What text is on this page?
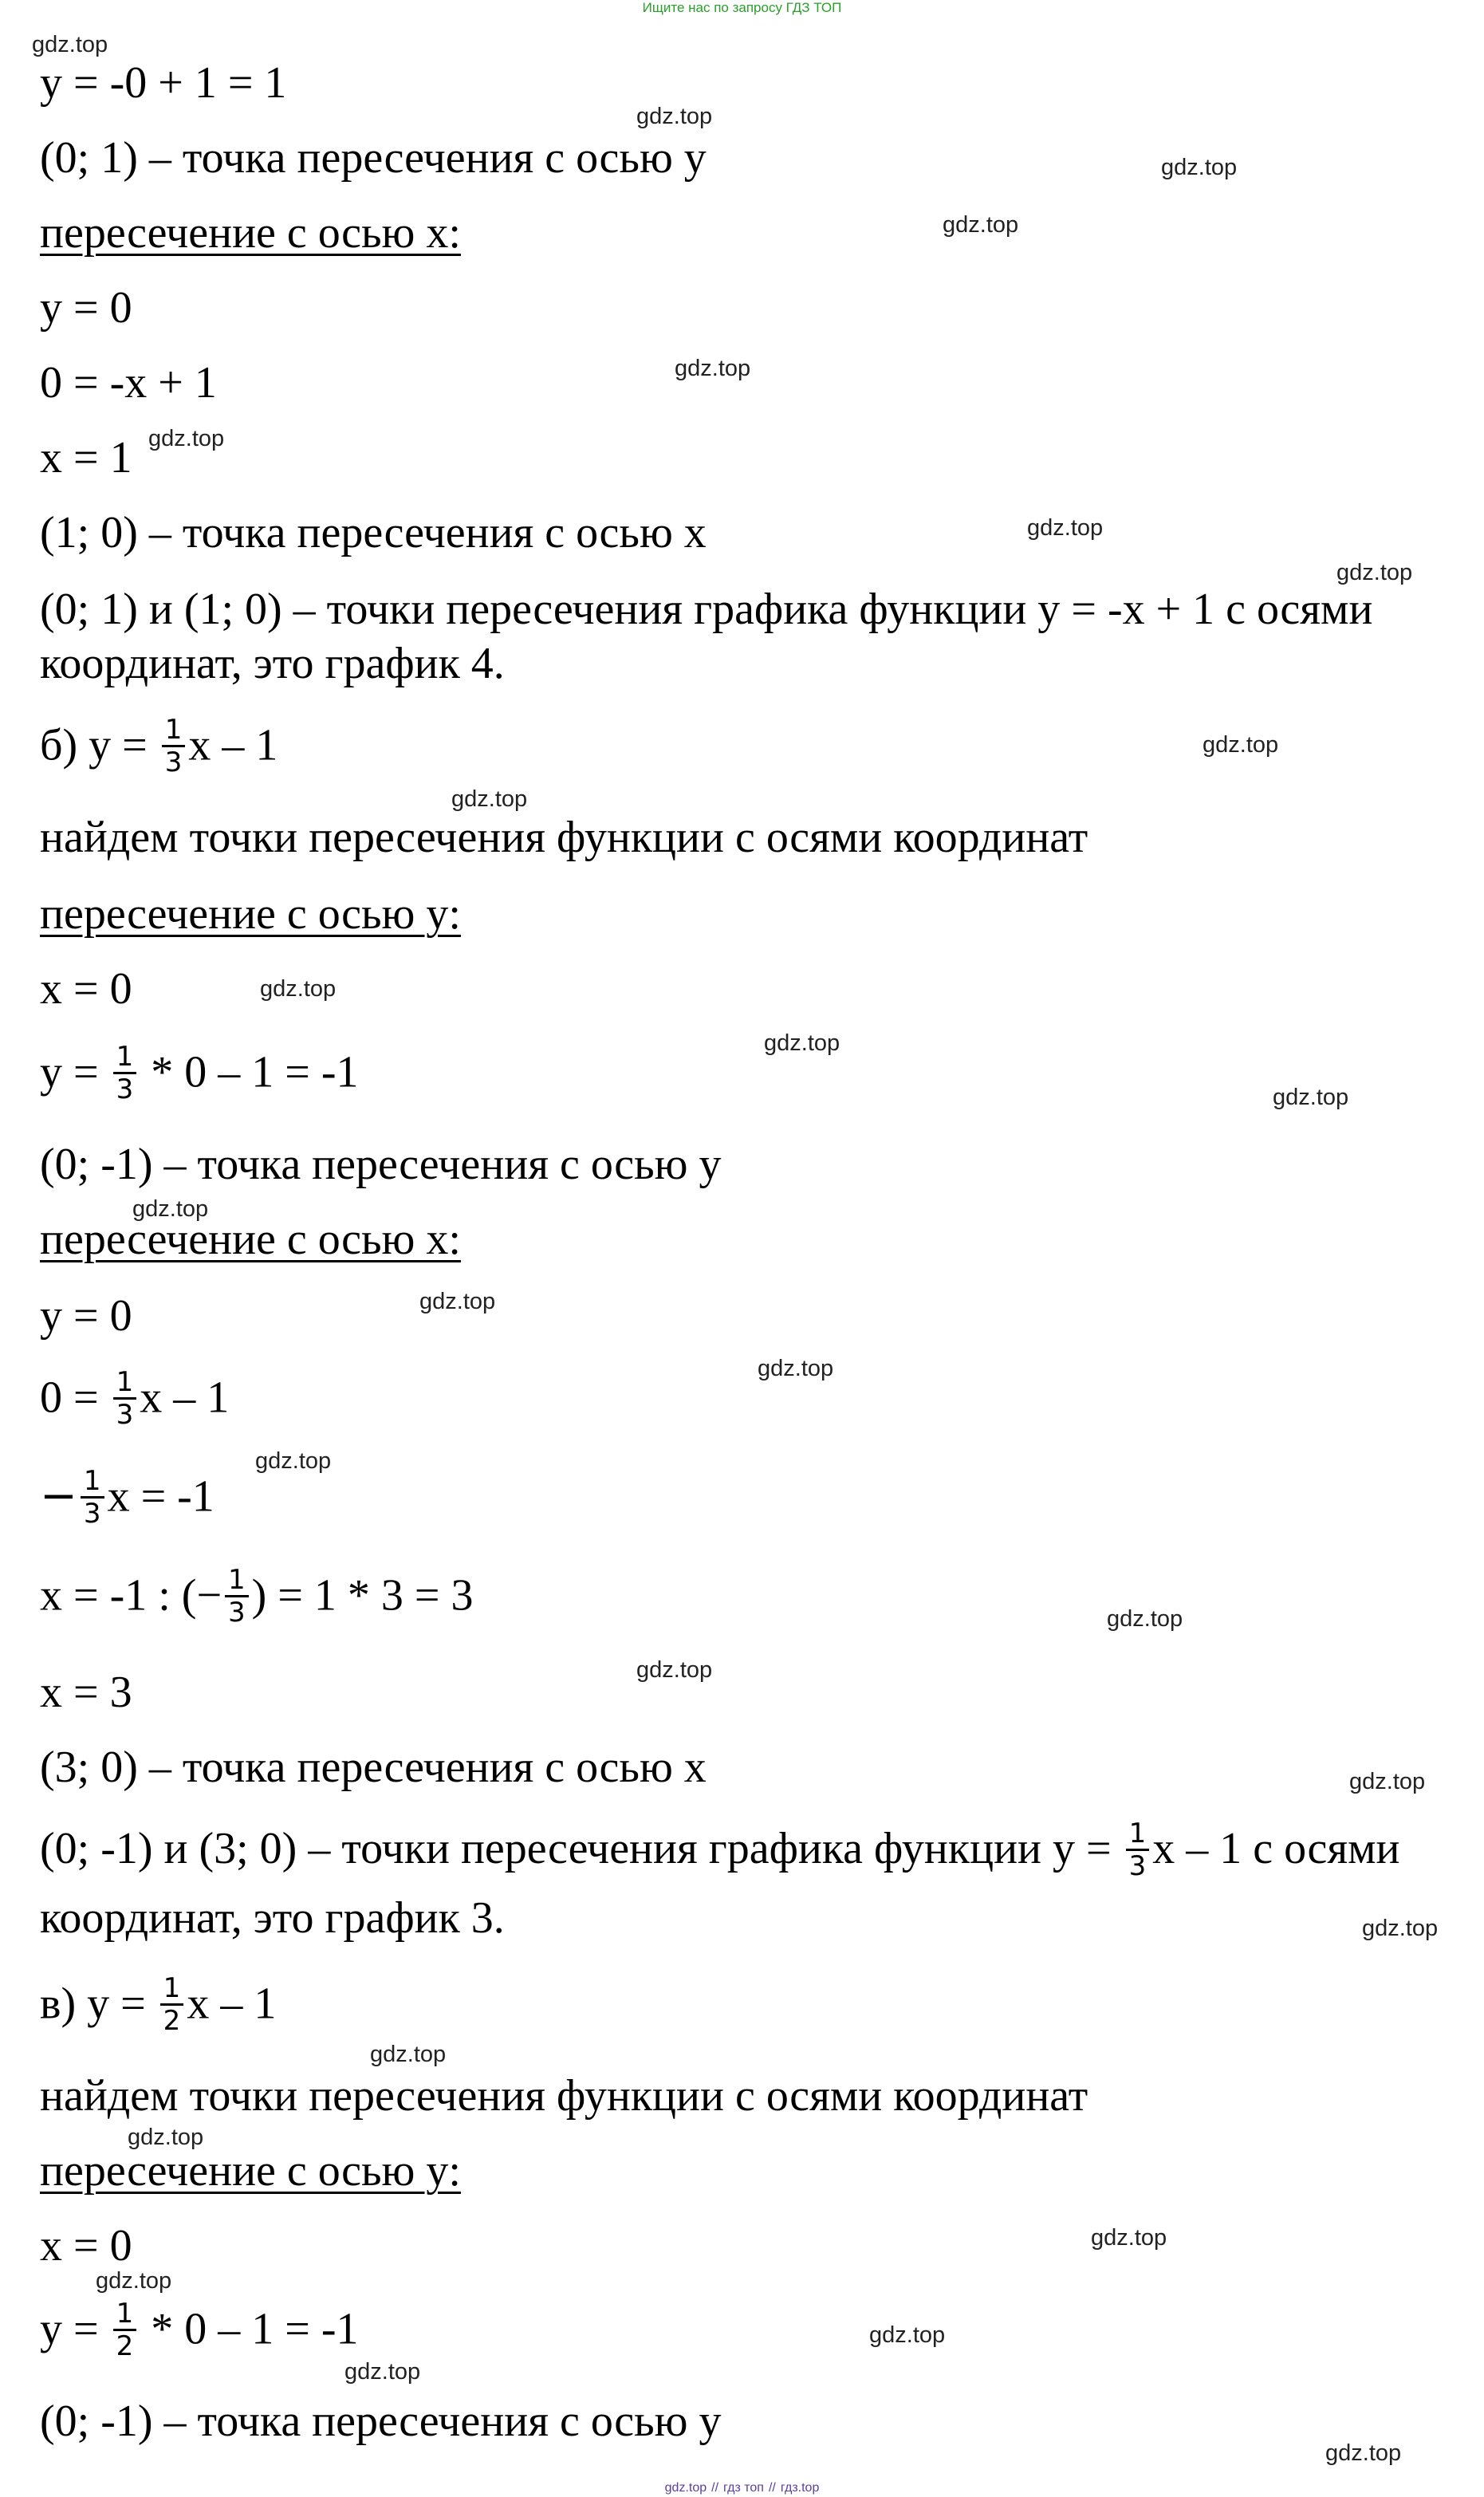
Ищите нас по запросу ГДЗ ТОП
gdz.top
gdz.top
gdz.top
gdz.top
gdz.top
gdz.top
gdz.top
gdz.top
gdz.top
gdz.top
gdz.top
gdz.top
gdz.top
gdz.top
gdz.top
gdz.top
gdz.top
gdz.top
gdz.top
gdz.top
gdz.top
gdz.top
gdz.top
gdz.top
gdz.top
gdz.top
gdz.top
gdz.top
y = -0 + 1 = 1
(0; 1) – точка пересечения с осью y
пересечение с осью x:
y = 0
0 = -x + 1
x = 1
(1; 0) – точка пересечения с осью x
(0; 1) и (1; 0) – точки пересечения графика функции y = -x + 1 с осями координат, это график 4.
б) $y = \frac{1}{3}$ x – 1
найдем точки пересечения функции с осями координат
пересечение с осью y:
x = 0
$y = \frac{1}{3} * 0 - 1 = -1$
(0; -1) – точка пересечения с осью y
пересечение с осью x:
y = 0
$0 = \frac{1}{3}$ x – 1
− $\frac{1}{3}$ x = -1
x = -1 : (− $\frac{1}{3}$ ) = 1 * 3 = 3
x = 3
(3; 0) – точка пересечения с осью x
(0; -1) и (3; 0) – точки пересечения графика функции $y = \frac{1}{3}$ x – 1 с осями координат, это график 3.
в) $y = \frac{1}{2}$ x – 1
найдем точки пересечения функции с осями координат
пересечение с осью y:
x = 0
$y = \frac{1}{2} * 0 - 1 = -1$
(0; -1) – точка пересечения с осью y
gdz.top // гдз топ // гдз.top
